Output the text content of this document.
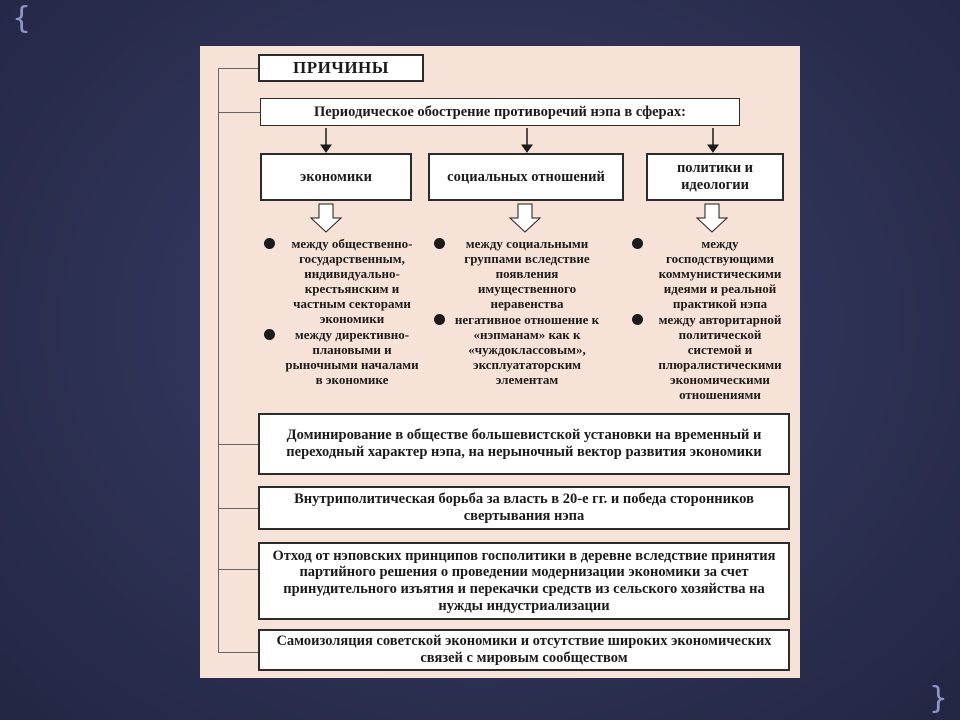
{
}
ПРИЧИНЫ
Периодическое обострение противоречий нэпа в сферах:
экономики	социальных отношений
политики и идеологии
между общественно-государственным, индивидуально-крестьянским и частным секторами экономики
между директивно-плановыми и рыночными началами в экономике
между социальными группами вследствие появления имущественного неравенства
негативное отношение к «нэпманам» как к «чуждоклассовым», эксплуататорским элементам
между господствующими коммунистическими идеями и реальной практикой нэпа
между авторитарной политической системой и плюралистическими экономическими отношениями
Доминирование в обществе большевистской установки на временный и переходный характер нэпа, на нерыночный вектор развития экономики
Внутриполитическая борьба за власть в 20-е гг. и победа сторонников свертывания нэпа
Отход от нэповских принципов госполитики в деревне вследствие принятия партийного решения о проведении модернизации экономики за счет принудительного изъятия и перекачки средств из сельского хозяйства на нужды индустриализации
Самоизоляция советской экономики и отсутствие широких экономических связей с мировым сообществом
